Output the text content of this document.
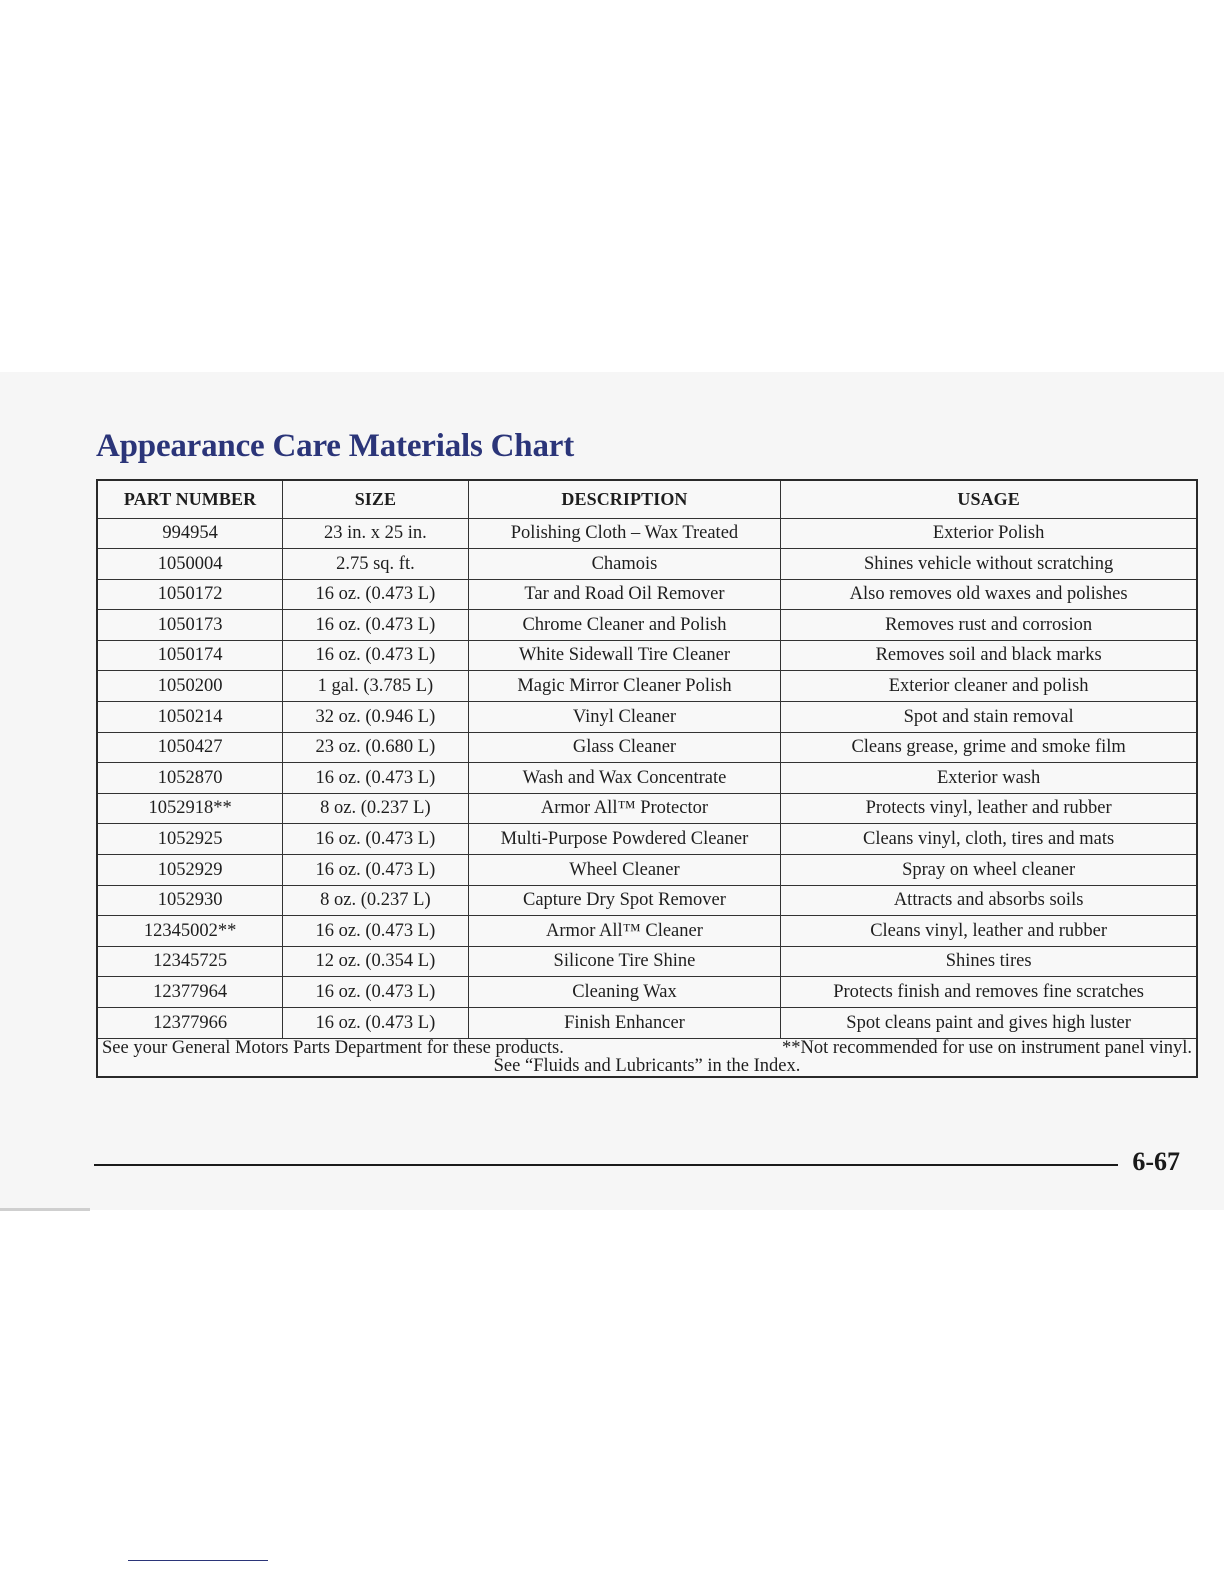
Appearance Care Materials Chart
PART NUMBER	SIZE	DESCRIPTION	USAGE
994954	23 in. x 25 in.	Polishing Cloth – Wax Treated	Exterior Polish
1050004	2.75 sq. ft.	Chamois	Shines vehicle without scratching
1050172	16 oz. (0.473 L)	Tar and Road Oil Remover	Also removes old waxes and polishes
1050173	16 oz. (0.473 L)	Chrome Cleaner and Polish	Removes rust and corrosion
1050174	16 oz. (0.473 L)	White Sidewall Tire Cleaner	Removes soil and black marks
1050200	1 gal. (3.785 L)	Magic Mirror Cleaner Polish	Exterior cleaner and polish
1050214	32 oz. (0.946 L)	Vinyl Cleaner	Spot and stain removal
1050427	23 oz. (0.680 L)	Glass Cleaner	Cleans grease, grime and smoke film
1052870	16 oz. (0.473 L)	Wash and Wax Concentrate	Exterior wash
1052918**	8 oz. (0.237 L)	Armor All™ Protector	Protects vinyl, leather and rubber
1052925	16 oz. (0.473 L)	Multi-Purpose Powdered Cleaner	Cleans vinyl, cloth, tires and mats
1052929	16 oz. (0.473 L)	Wheel Cleaner	Spray on wheel cleaner
1052930	8 oz. (0.237 L)	Capture Dry Spot Remover	Attracts and absorbs soils
12345002**	16 oz. (0.473 L)	Armor All™ Cleaner	Cleans vinyl, leather and rubber
12345725	12 oz. (0.354 L)	Silicone Tire Shine	Shines tires
12377964	16 oz. (0.473 L)	Cleaning Wax	Protects finish and removes fine scratches
12377966	16 oz. (0.473 L)	Finish Enhancer	Spot cleans paint and gives high luster

See your General Motors Parts Department for these products. **Not recommended for use on instrument panel vinyl.
See “Fluids and Lubricants” in the Index.			
6-67
